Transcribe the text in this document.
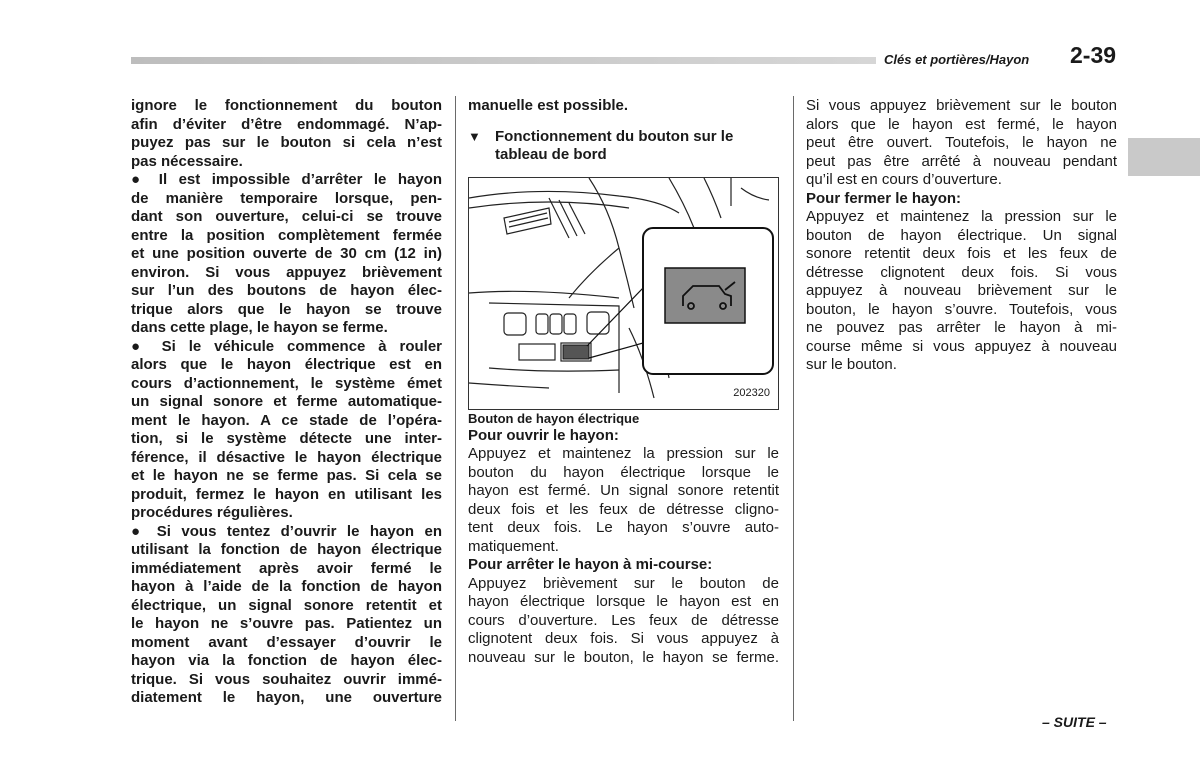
Clés et portières/Hayon 2-39

ignore le fonctionnement du bouton

afin d’éviter d’être endommagé. N’ap-

puyez pas sur le bouton si cela n’est

pas nécessaire.

● Il est impossible d’arrêter le hayon

de manière temporaire lorsque, pen-

dant son ouverture, celui-ci se trouve

entre la position complètement fermée

et une position ouverte de 30 cm (12 in)

environ. Si vous appuyez brièvement

sur l’un des boutons de hayon élec-

trique alors que le hayon se trouve

dans cette plage, le hayon se ferme.

● Si le véhicule commence à rouler

alors que le hayon électrique est en

cours d’actionnement, le système émet

un signal sonore et ferme automatique-

ment le hayon. A ce stade de l’opéra-

tion, si le système détecte une inter-

férence, il désactive le hayon électrique

et le hayon ne se ferme pas. Si cela se

produit, fermez le hayon en utilisant les

procédures régulières.

● Si vous tentez d’ouvrir le hayon en

utilisant la fonction de hayon électrique

immédiatement après avoir fermé le

hayon à l’aide de la fonction de hayon

électrique, un signal sonore retentit et

le hayon ne s’ouvre pas. Patientez un

moment avant d’essayer d’ouvrir le

hayon via la fonction de hayon élec-

trique. Si vous souhaitez ouvrir immé-

diatement le hayon, une ouverture

manuelle est possible.

▼ Fonctionnement du bouton sur le

tableau de bord

202320

Bouton de hayon électrique

Pour ouvrir le hayon:

Appuyez et maintenez la pression sur le

bouton du hayon électrique lorsque le

hayon est fermé. Un signal sonore retentit

deux fois et les feux de détresse cligno-

tent deux fois. Le hayon s’ouvre auto-

matiquement.

Pour arrêter le hayon à mi-course:

Appuyez brièvement sur le bouton de

hayon électrique lorsque le hayon est en

cours d’ouverture. Les feux de détresse

clignotent deux fois. Si vous appuyez à

nouveau sur le bouton, le hayon se ferme.

Si vous appuyez brièvement sur le bouton

alors que le hayon est fermé, le hayon

peut être ouvert. Toutefois, le hayon ne

peut pas être arrêté à nouveau pendant

qu’il est en cours d’ouverture.

Pour fermer le hayon:

Appuyez et maintenez la pression sur le

bouton de hayon électrique. Un signal

sonore retentit deux fois et les feux de

détresse clignotent deux fois. Si vous

appuyez à nouveau brièvement sur le

bouton, le hayon s’ouvre. Toutefois, vous

ne pouvez pas arrêter le hayon à mi-

course même si vous appuyez à nouveau

sur le bouton.

– SUITE –
